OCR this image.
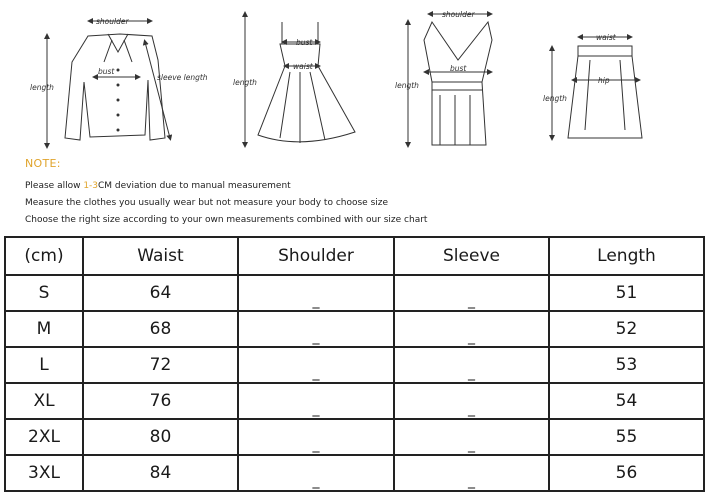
shoulder
bust
length
sleeve length
bust
waist
length
shoulder
bust
length
waist
hip
length
NOTE:
Please allow 1-3CM deviation due to manual measurement
Measure the clothes you usually wear but not measure your body to choose size
Choose the right size according to your own measurements combined with our size chart
(cm)	Waist	Shoulder	Sleeve	Length
S	64	_	_	51
M	68	_	_	52
L	72	_	_	53
XL	76	_	_	54
2XL	80	_	_	55
3XL	84	_	_	56
